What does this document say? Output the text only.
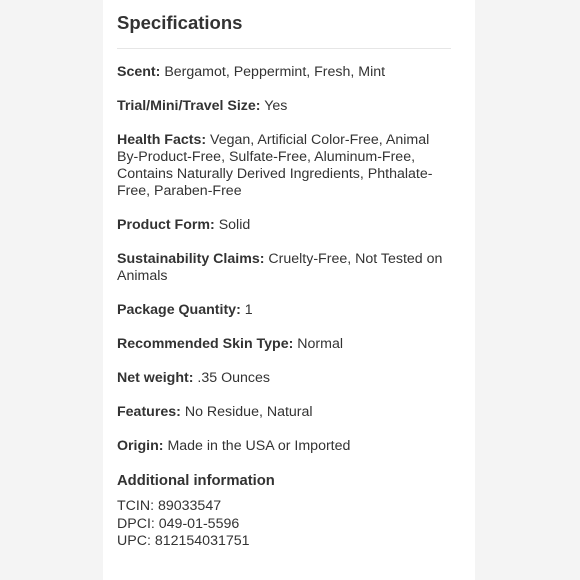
Specifications
Scent: Bergamot, Peppermint, Fresh, Mint
Trial/Mini/Travel Size: Yes
Health Facts: Vegan, Artificial Color-Free, Animal By-Product-Free, Sulfate-Free, Aluminum-Free, Contains Naturally Derived Ingredients, Phthalate-Free, Paraben-Free
Product Form: Solid
Sustainability Claims: Cruelty-Free, Not Tested on Animals
Package Quantity: 1
Recommended Skin Type: Normal
Net weight: .35 Ounces
Features: No Residue, Natural
Origin: Made in the USA or Imported
Additional information

TCIN: 89033547

DPCI: 049-01-5596

UPC: 812154031751
